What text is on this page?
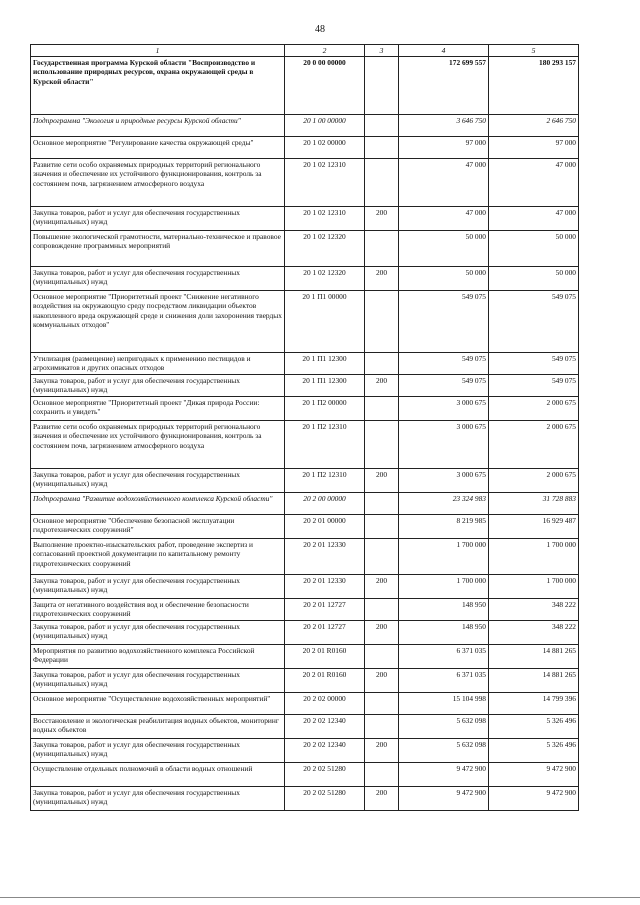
48
1	2	3	4	5
Государственная программа Курской области "Воспроизводство и использование природных ресурсов, охрана окружающей среды в Курской области"	20 0 00 00000		172 699 557	180 293 157
Подпрограмма "Экология и природные ресурсы Курской области"	20 1 00 00000		3 646 750	2 646 750
Основное мероприятие "Регулирование качества окружающей среды"	20 1 02 00000		97 000	97 000
Развитие сети особо охраняемых природных территорий регионального значения и обеспечение их устойчивого функционирования, контроль за состоянием почв, загрязнением атмосферного воздуха	20 1 02 12310		47 000	47 000
Закупка товаров, работ и услуг для обеспечения государственных (муниципальных) нужд	20 1 02 12310	200	47 000	47 000
Повышение экологической грамотности, материально-техническое и правовое сопровождение программных мероприятий	20 1 02 12320		50 000	50 000
Закупка товаров, работ и услуг для обеспечения государственных (муниципальных) нужд	20 1 02 12320	200	50 000	50 000
Основное мероприятие "Приоритетный проект "Снижение негативного воздействия на окружающую среду посредством ликвидации объектов накопленного вреда окружающей среде и снижения доли захоронения твердых коммунальных отходов"	20 1 П1 00000		549 075	549 075
Утилизация (размещение) непригодных к применению пестицидов и агрохимикатов и других опасных отходов	20 1 П1 12300		549 075	549 075
Закупка товаров, работ и услуг для обеспечения государственных (муниципальных) нужд	20 1 П1 12300	200	549 075	549 075
Основное мероприятие "Приоритетный проект "Дикая природа России: сохранить и увидеть"	20 1 П2 00000		3 000 675	2 000 675
Развитие сети особо охраняемых природных территорий регионального значения и обеспечение их устойчивого функционирования, контроль за состоянием почв, загрязнением атмосферного воздуха	20 1 П2 12310		3 000 675	2 000 675
Закупка товаров, работ и услуг для обеспечения государственных (муниципальных) нужд	20 1 П2 12310	200	3 000 675	2 000 675
Подпрограмма "Развитие водохозяйственного комплекса Курской области"	20 2 00 00000		23 324 983	31 728 883
Основное мероприятие "Обеспечение безопасной эксплуатации гидротехнических сооружений"	20 2 01 00000		8 219 985	16 929 487
Выполнение проектно-изыскательских работ, проведение экспертиз и согласований проектной документации по капитальному ремонту гидротехнических сооружений	20 2 01 12330		1 700 000	1 700 000
Закупка товаров, работ и услуг для обеспечения государственных (муниципальных) нужд	20 2 01 12330	200	1 700 000	1 700 000
Защита от негативного воздействия вод и обеспечение безопасности гидротехнических сооружений	20 2 01 12727		148 950	348 222
Закупка товаров, работ и услуг для обеспечения государственных (муниципальных) нужд	20 2 01 12727	200	148 950	348 222
Мероприятия по развитию водохозяйственного комплекса Российской Федерации	20 2 01 R0160		6 371 035	14 881 265
Закупка товаров, работ и услуг для обеспечения государственных (муниципальных) нужд	20 2 01 R0160	200	6 371 035	14 881 265
Основное мероприятие "Осуществление водохозяйственных мероприятий"	20 2 02 00000		15 104 998	14 799 396
Восстановление и экологическая реабилитация водных объектов, мониторинг водных объектов	20 2 02 12340		5 632 098	5 326 496
Закупка товаров, работ и услуг для обеспечения государственных (муниципальных) нужд	20 2 02 12340	200	5 632 098	5 326 496
Осуществление отдельных полномочий в области водных отношений	20 2 02 51280		9 472 900	9 472 900
Закупка товаров, работ и услуг для обеспечения государственных (муниципальных) нужд	20 2 02 51280	200	9 472 900	9 472 900
